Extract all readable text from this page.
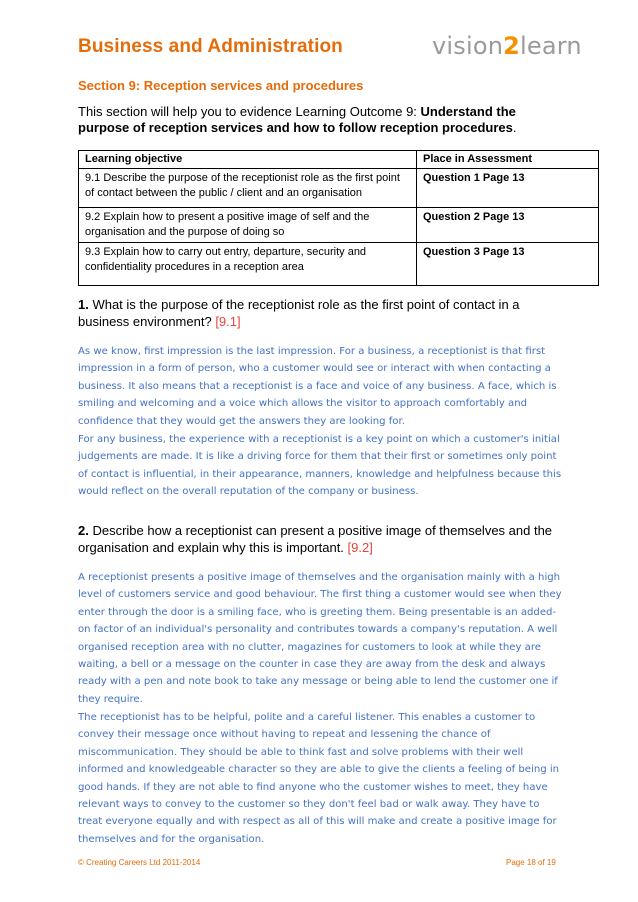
Business and Administration	vision2learn
Section 9: Reception services and procedures
This section will help you to evidence Learning Outcome 9: Understand the purpose of reception services and how to follow reception procedures.
Learning objective	Place in Assessment
9.1 Describe the purpose of the receptionist role as the first point of contact between the public / client and an organisation	Question 1 Page 13
9.2 Explain how to present a positive image of self and the organisation and the purpose of doing so	Question 2 Page 13
9.3 Explain how to carry out entry, departure, security and confidentiality procedures in a reception area	Question 3 Page 13
1. What is the purpose of the receptionist role as the first point of contact in a business environment? [9.1]

As we know, first impression is the last impression. For a business, a receptionist is that first impression in a form of person, who a customer would see or interact with when contacting a business. It also means that a receptionist is a face and voice of any business. A face, which is smiling and welcoming and a voice which allows the visitor to approach comfortably and confidence that they would get the answers they are looking for.

For any business, the experience with a receptionist is a key point on which a customer's initial judgements are made. It is like a driving force for them that their first or sometimes only point of contact is influential, in their appearance, manners, knowledge and helpfulness because this would reflect on the overall reputation of the company or business.

2. Describe how a receptionist can present a positive image of themselves and the organisation and explain why this is important. [9.2]

A receptionist presents a positive image of themselves and the organisation mainly with a high level of customers service and good behaviour. The first thing a customer would see when they enter through the door is a smiling face, who is greeting them. Being presentable is an added-on factor of an individual's personality and contributes towards a company's reputation. A well organised reception area with no clutter, magazines for customers to look at while they are waiting, a bell or a message on the counter in case they are away from the desk and always ready with a pen and note book to take any message or being able to lend the customer one if they require.

The receptionist has to be helpful, polite and a careful listener. This enables a customer to convey their message once without having to repeat and lessening the chance of miscommunication. They should be able to think fast and solve problems with their well informed and knowledgeable character so they are able to give the clients a feeling of being in good hands. If they are not able to find anyone who the customer wishes to meet, they have relevant ways to convey to the customer so they don't feel bad or walk away. They have to treat everyone equally and with respect as all of this will make and create a positive image for themselves and for the organisation.

© Creating Careers Ltd 2011-2014	Page 18 of 19
